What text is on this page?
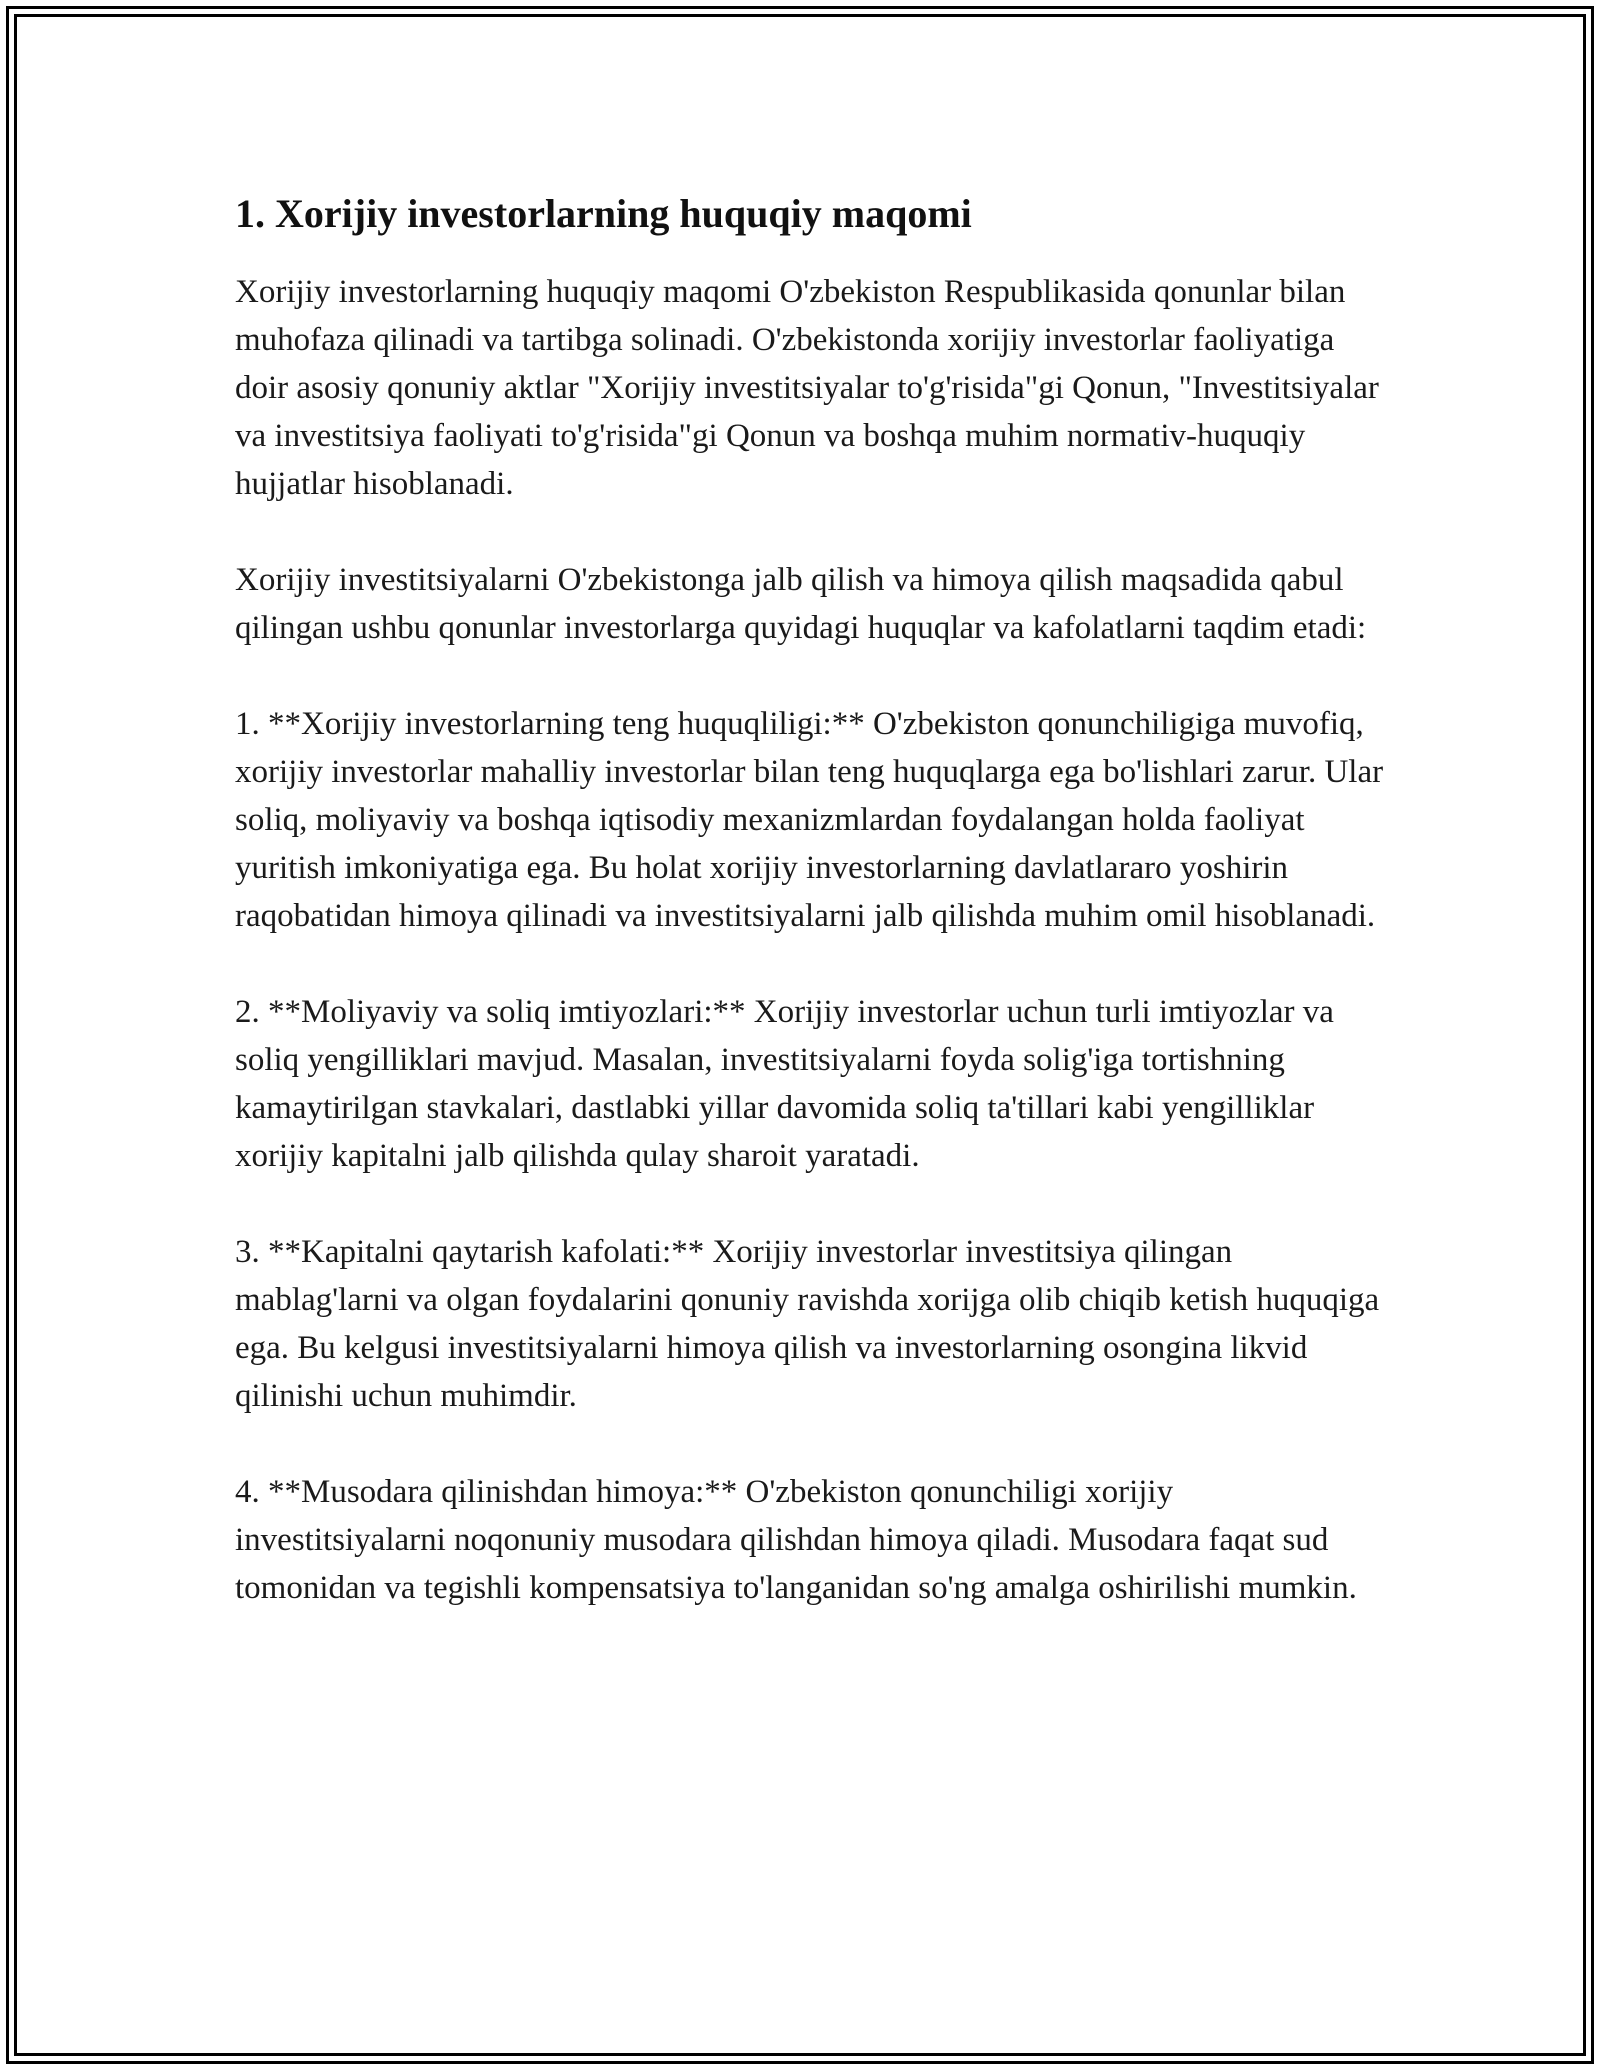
1. Xorijiy investorlarning huquqiy maqomi

Xorijiy investorlarning huquqiy maqomi O'zbekiston Respublikasida qonunlar bilan muhofaza qilinadi va tartibga solinadi. O'zbekistonda xorijiy investorlar faoliyatiga doir asosiy qonuniy aktlar "Xorijiy investitsiyalar to'g'risida"gi Qonun, "Investitsiyalar va investitsiya faoliyati to'g'risida"gi Qonun va boshqa muhim normativ-huquqiy hujjatlar hisoblanadi.

Xorijiy investitsiyalarni O'zbekistonga jalb qilish va himoya qilish maqsadida qabul qilingan ushbu qonunlar investorlarga quyidagi huquqlar va kafolatlarni taqdim etadi:

1. **Xorijiy investorlarning teng huquqliligi:** O'zbekiston qonunchiligiga muvofiq, xorijiy investorlar mahalliy investorlar bilan teng huquqlarga ega bo'lishlari zarur. Ular soliq, moliyaviy va boshqa iqtisodiy mexanizmlardan foydalangan holda faoliyat yuritish imkoniyatiga ega. Bu holat xorijiy investorlarning davlatlararo yoshirin raqobatidan himoya qilinadi va investitsiyalarni jalb qilishda muhim omil hisoblanadi.

2. **Moliyaviy va soliq imtiyozlari:** Xorijiy investorlar uchun turli imtiyozlar va soliq yengilliklari mavjud. Masalan, investitsiyalarni foyda solig'iga tortishning kamaytirilgan stavkalari, dastlabki yillar davomida soliq ta'tillari kabi yengilliklar xorijiy kapitalni jalb qilishda qulay sharoit yaratadi.

3. **Kapitalni qaytarish kafolati:** Xorijiy investorlar investitsiya qilingan mablag'larni va olgan foydalarini qonuniy ravishda xorijga olib chiqib ketish huquqiga ega. Bu kelgusi investitsiyalarni himoya qilish va investorlarning osongina likvid qilinishi uchun muhimdir.

4. **Musodara qilinishdan himoya:** O'zbekiston qonunchiligi xorijiy investitsiyalarni noqonuniy musodara qilishdan himoya qiladi. Musodara faqat sud tomonidan va tegishli kompensatsiya to'langanidan so'ng amalga oshirilishi mumkin.
